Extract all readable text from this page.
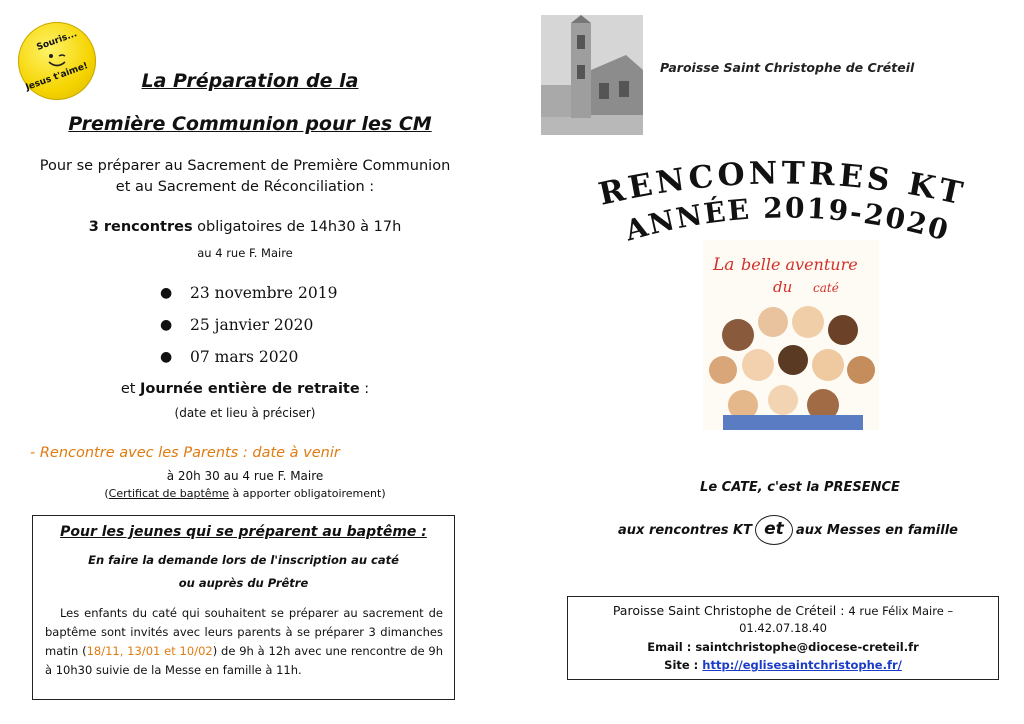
Souris...
Jesus t'aime!	La Préparation de la
Première Communion pour les CM
Pour se préparer au Sacrement de Première Communion
et au Sacrement de Réconciliation :
3 rencontres obligatoires de 14h30 à 17h
au 4 rue F. Maire
●	23 novembre 2019
●	25 janvier 2020
●	07 mars 2020
et Journée entière de retraite :
(date et lieu à préciser)
- Rencontre avec les Parents : date à venir
à 20h 30 au 4 rue F. Maire
(Certificat de baptême à apporter obligatoirement)
Pour les jeunes qui se préparent au baptême :
En faire la demande lors de l'inscription au caté
ou auprès du Prêtre
Les enfants du caté qui souhaitent se préparer au sacrement de baptême sont invités avec leurs parents à se préparer 3 dimanches matin (18/11, 13/01 et 10/02) de 9h à 12h avec une rencontre de 9h à 10h30 suivie de la Messe en famille à 11h.
Paroisse Saint Christophe de Créteil
RENCONTRES KT
ANNÉE 2019-2020
La belle aventure
du caté
Le CATE, c'est la PRESENCE
aux rencontres KT et aux Messes en famille
Paroisse Saint Christophe de Créteil : 4 rue Félix Maire –
01.42.07.18.40
Email : saintchristophe@diocese-creteil.fr
Site : http://eglisesaintchristophe.fr/
